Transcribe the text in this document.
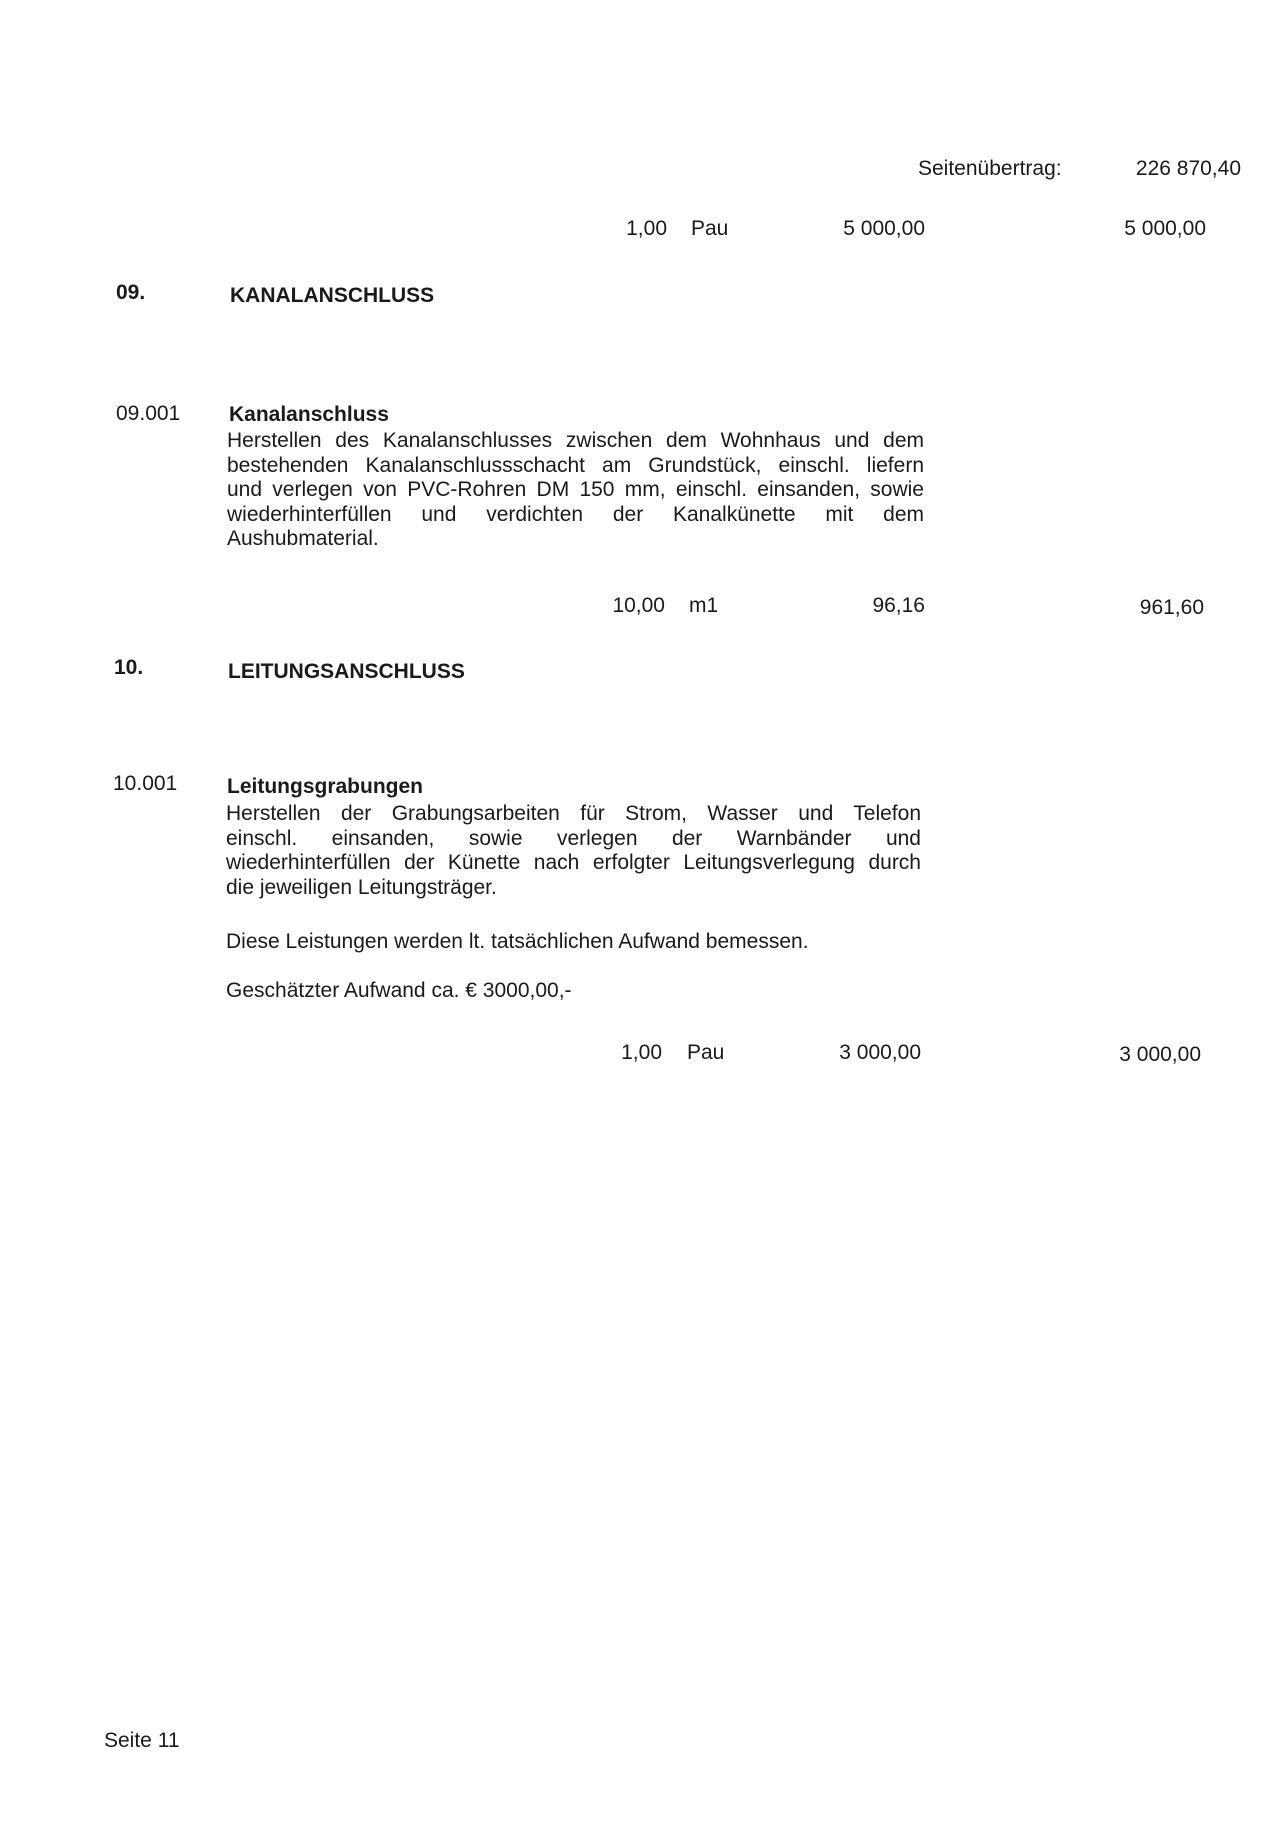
Seitenübertrag:	226 870,40
1,00 Pau	5 000,00	5 000,00
09.	KANALANSCHLUSS
09.001 Kanalanschluss
Herstellen des Kanalanschlusses zwischen dem Wohnhaus und dem
bestehenden Kanalanschlussschacht am Grundstück, einschl. liefern
und verlegen von PVC-Rohren DM 150 mm, einschl. einsanden, sowie
wiederhinterfüllen und verdichten der Kanalkünette mit dem
Aushubmaterial.
10,00 m1	96,16	961,60
10.	LEITUNGSANSCHLUSS
10.001 Leitungsgrabungen
Herstellen der Grabungsarbeiten für Strom, Wasser und Telefon
einschl. einsanden, sowie verlegen der Warnbänder und
wiederhinterfüllen der Künette nach erfolgter Leitungsverlegung durch
die jeweiligen Leitungsträger.
Diese Leistungen werden lt. tatsächlichen Aufwand bemessen.
Geschätzter Aufwand ca. € 3000,00,-
1,00 Pau	3 000,00	3 000,00
Seite 11
